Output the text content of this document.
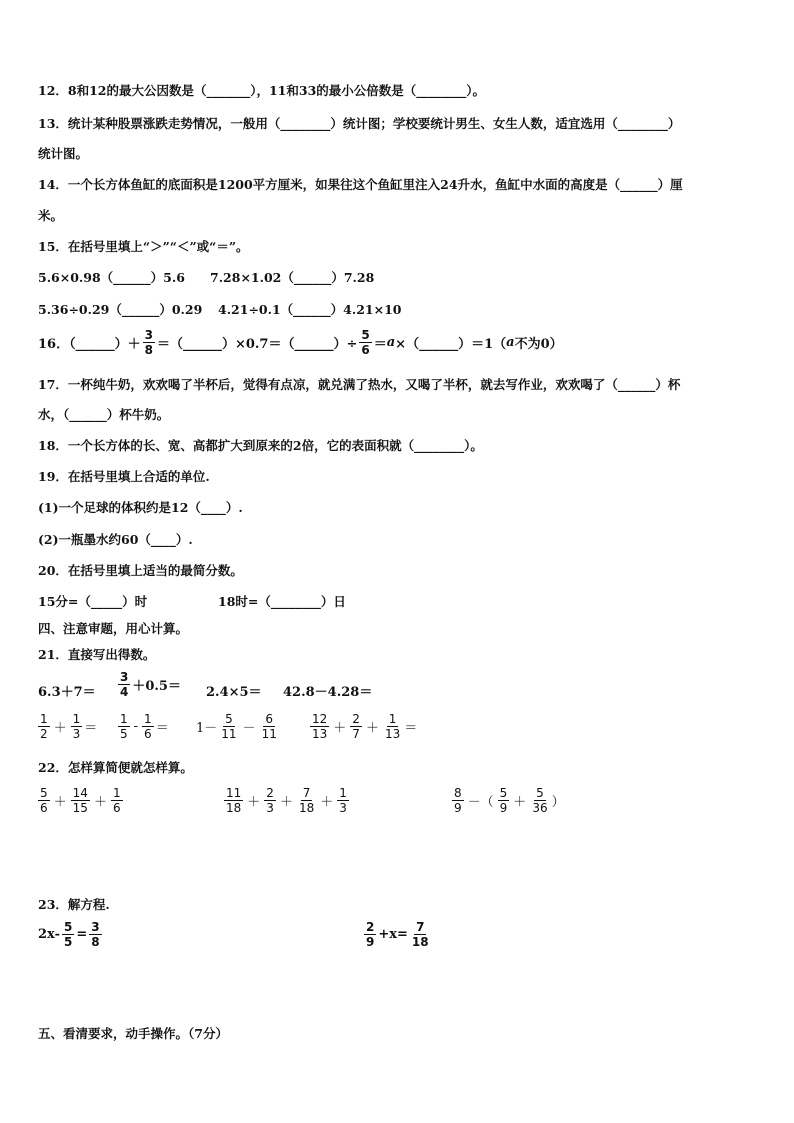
12．8和12的最大公因数是（_______），11和33的最小公倍数是（________）。
13．统计某种股票涨跌走势情况，一般用（________）统计图；学校要统计男生、女生人数，适宜选用（________）
统计图。
14．一个长方体鱼缸的底面积是1200平方厘米，如果往这个鱼缸里注入24升水，鱼缸中水面的高度是（______）厘
米。
15．在括号里填上“＞”“＜”或“＝”。
5.6×0.98（______）5.6 7.28×1.02（______）7.28
5.36÷0.29（______）0.29 4.21÷0.1（______）4.21×10
16．（______）＋ $\frac{3}{8}$ ＝（______）×0.7＝（______）÷ $\frac{5}{6} = a$ ×（______）＝1（ a 不为0）
17．一杯纯牛奶，欢欢喝了半杯后，觉得有点凉，就兑满了热水，又喝了半杯，就去写作业，欢欢喝了（______）杯
水，（______）杯牛奶。
18．一个长方体的长、宽、高都扩大到原来的2倍，它的表面积就（________）。
19．在括号里填上合适的单位.
(1)一个足球的体积约是12（____）.
(2)一瓶墨水约60（____）.
20．在括号里填上适当的最简分数。
15分=（_____）时	18时=（________）日
四、注意审题，用心计算。
21．直接写出得数。
$6.3+7= \frac{3}{4} +0.5= 2.4\times 5= 42.8-4.28=$
$\frac{1}{2} + \frac{1}{3} = \frac{1}{5} - \frac{1}{6} = 1- \frac{5}{11} - \frac{6}{11}$	$\frac{12}{13} + \frac{2}{7} + \frac{1}{13}$ ＝
22．怎样算简便就怎样算。
$\frac{5}{6} + \frac{14}{15} + \frac{1}{6}$	$\frac{11}{18} + \frac{2}{3} + \frac{7}{18} + \frac{1}{3}$	$\frac{8}{9}$ －（ $\frac{5}{9} + \frac{5}{36}$ ）
23．解方程.
$2x- \frac{5}{5} = \frac{3}{8}$	$\frac{2}{9} +x= \frac{7}{18}$
五、看清要求，动手操作。（7分）
